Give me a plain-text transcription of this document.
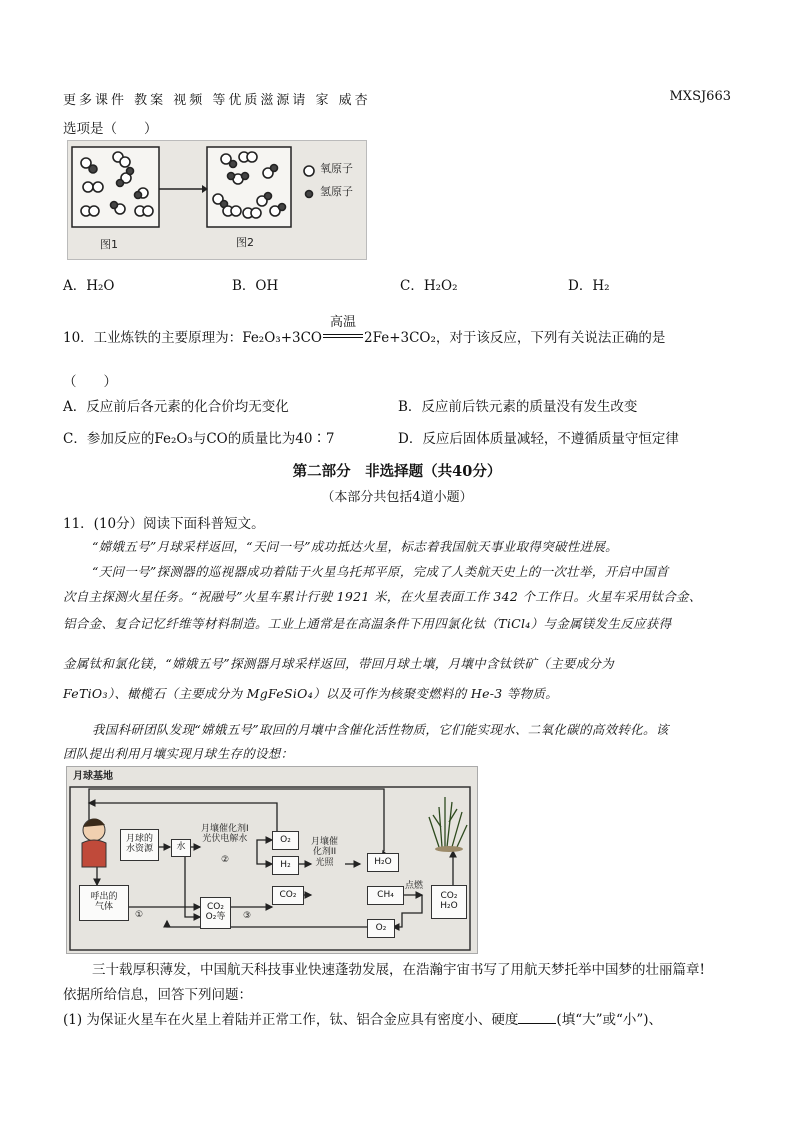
更多课件 教案 视频 等优质滋源请 家 威杏	MXSJ663
选项是（　　）
氧原子
氢原子
图1	图2
A．H₂O	B．OH	C．H₂O₂	D．H₂
10．工业炼铁的主要原理为：Fe₂O₃+3CO
高温
2Fe+3CO₂，对于该反应，下列有关说法正确的是
（　　）
A．反应前后各元素的化合价均无变化	B．反应前后铁元素的质量没有发生改变
C．参加反应的Fe₂O₃与CO的质量比为40∶7	D．反应后固体质量减轻，不遵循质量守恒定律
第二部分　非选择题（共40分）
（本部分共包括4道小题）
11．(10分）阅读下面科普短文。
“嫦娥五号”月球采样返回，“天问一号”成功抵达火星，标志着我国航天事业取得突破性进展。
“天问一号”探测器的巡视器成功着陆于火星乌托邦平原，完成了人类航天史上的一次壮举，开启中国首
次自主探测火星任务。“祝融号”火星车累计行驶 1921 米，在火星表面工作 342 个工作日。火星车采用钛合金、
铝合金、复合记忆纤维等材料制造。工业上通常是在高温条件下用四氯化钛（TiCl₄）与金属镁发生反应获得
金属钛和氯化镁，“嫦娥五号”探测器月球采样返回，带回月球土壤，月壤中含钛铁矿（主要成分为
FeTiO₃）、橄榄石（主要成分为 MgFeSiO₄）以及可作为核聚变燃料的 He-3 等物质。
我国科研团队发现“嫦娥五号”取回的月壤中含催化活性物质，它们能实现水、二氧化碳的高效转化。该
团队提出利用月壤实现月球生存的设想：
月球基地
月球的
水资源	水
月壤催化剂I
光伏电解水	O₂
H₂
月壤催
化剂II
光照	H₂O
CO₂	CH₄
O₂
呼出的
气体	CO₂
O₂等
点燃
CO₂
H₂O
①
②
③
三十载厚积薄发，中国航天科技事业快速蓬勃发展，在浩瀚宇宙书写了用航天梦托举中国梦的壮丽篇章!
依据所给信息，回答下列问题：
(1) 为保证火星车在火星上着陆并正常工作，钛、铝合金应具有密度小、硬度	(填“大”或“小”)、
